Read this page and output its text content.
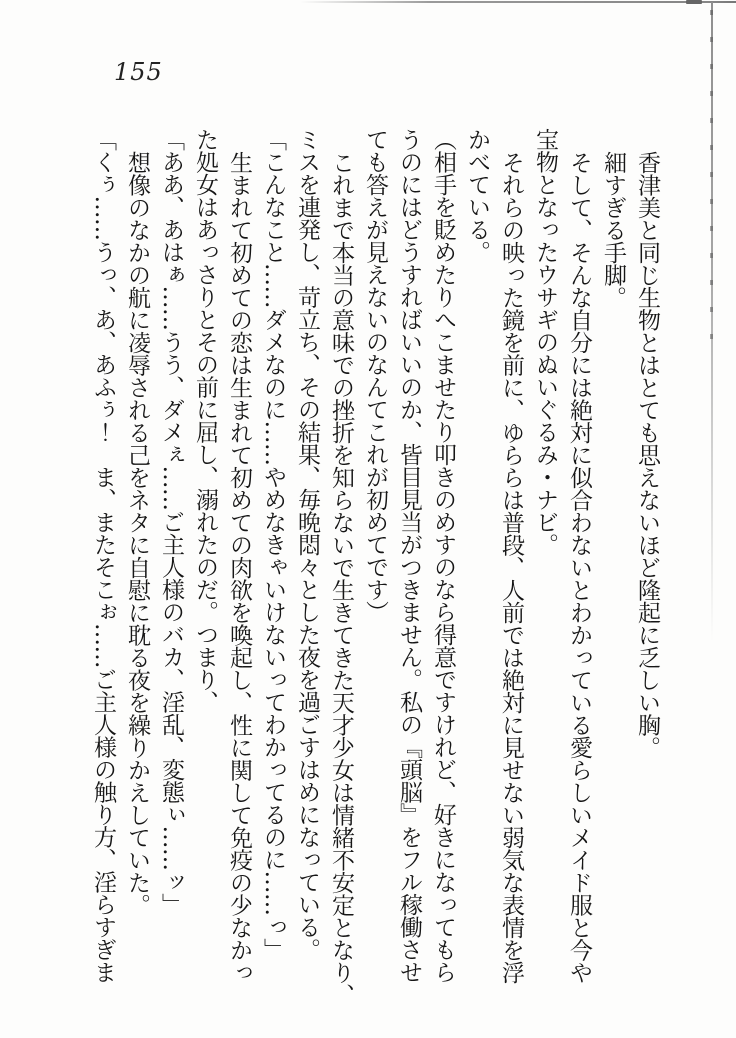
155

香津美と同じ生物とはとても思えないほど隆起に乏しい胸。

細すぎる手脚。

そして、そんな自分には絶対に似合わないとわかっている愛らしいメイド服と今や

宝物となったウサギのぬいぐるみ・ナビ。

それらの映った鏡を前に、ゆららは普段、人前では絶対に見せない弱気な表情を浮

かべている。

（相手を貶めたりへこませたり叩きのめすのなら得意ですけれど、好きになってもら

うのにはどうすればいいのか、皆目見当がつきません。私の『頭脳』をフル稼働させ

ても答えが見えないのなんてこれが初めてです）

これまで本当の意味での挫折を知らないで生きてきた天才少女は情緒不安定となり、

ミスを連発し、苛立ち、その結果、毎晩悶々とした夜を過ごすはめになっている。

「こんなこと……ダメなのに……やめなきゃいけないってわかってるのに……っ」

生まれて初めての恋は生まれて初めての肉欲を喚起し、性に関して免疫の少なかっ

た処女はあっさりとその前に屈し、溺れたのだ。つまり、

「ああ、あはぁ……うう、ダメぇ……ご主人様のバカ、淫乱、変態ぃ……ッ」

想像のなかの航に凌辱される己をネタに自慰に耽る夜を繰りかえしていた。

「くぅ……うっ、あ、あふぅ！　ま、またそこぉ……ご主人様の触り方、淫らすぎま
